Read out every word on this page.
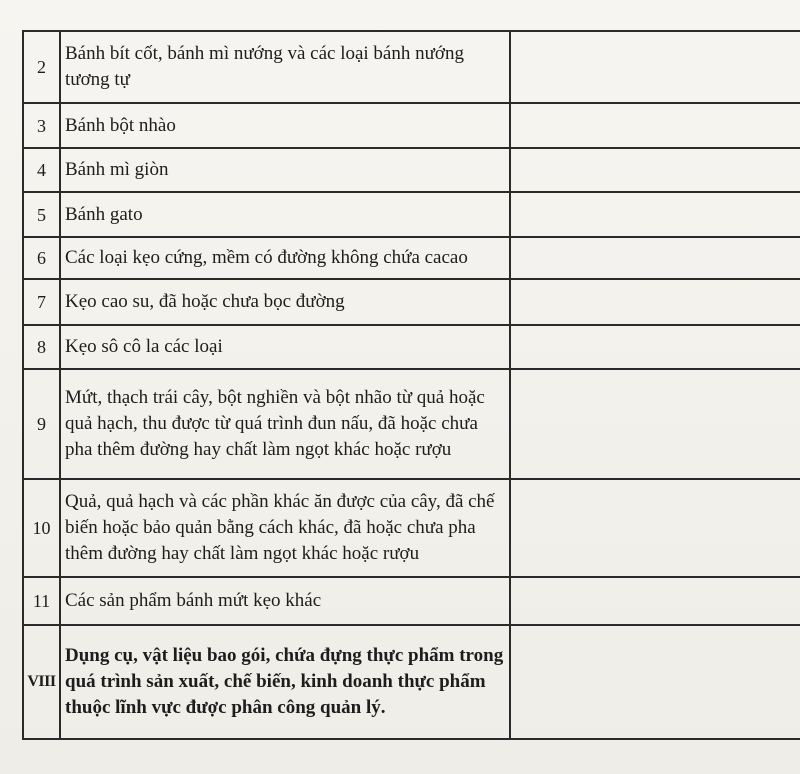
2	Bánh bít cốt, bánh mì nướng và các loại bánh nướng tương tự	
3	Bánh bột nhào	
4	Bánh mì giòn	
5	Bánh gato	
6	Các loại kẹo cứng, mềm có đường không chứa cacao	
7	Kẹo cao su, đã hoặc chưa bọc đường	
8	Kẹo sô cô la các loại	
9	Mứt, thạch trái cây, bột nghiền và bột nhão từ quả hoặc quả hạch, thu được từ quá trình đun nấu, đã hoặc chưa pha thêm đường hay chất làm ngọt khác hoặc rượu	
10	Quả, quả hạch và các phần khác ăn được của cây, đã chế biến hoặc bảo quản bằng cách khác, đã hoặc chưa pha thêm đường hay chất làm ngọt khác hoặc rượu	
11	Các sản phẩm bánh mứt kẹo khác	
VIII	Dụng cụ, vật liệu bao gói, chứa đựng thực phẩm trong quá trình sản xuất, chế biến, kinh doanh thực phẩm thuộc lĩnh vực được phân công quản lý.	
